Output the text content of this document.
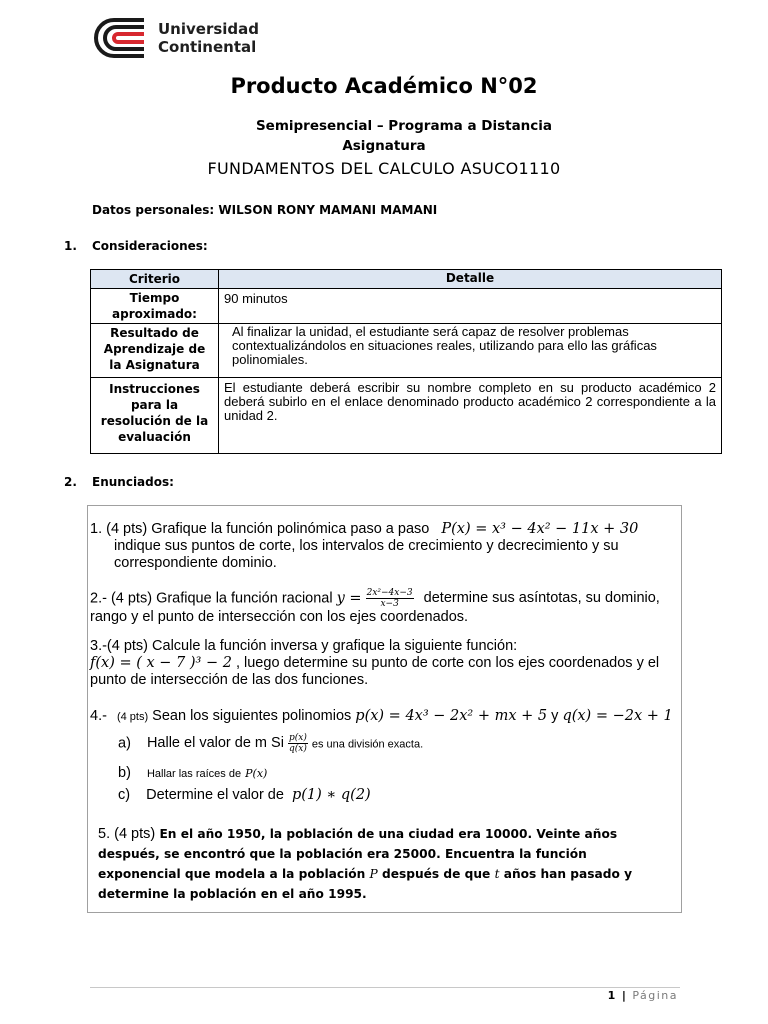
Universidad
Continental
Producto Académico N°02
Semipresencial – Programa a Distancia
Asignatura
FUNDAMENTOS DEL CALCULO ASUCO1110
Datos personales: WILSON RONY MAMANI MAMANI
1. Consideraciones:
Criterio	Detalle
Tiempo aproximado:	90 minutos
Resultado de Aprendizaje de la Asignatura	Al finalizar la unidad, el estudiante será capaz de resolver problemas contextualizándolos en situaciones reales, utilizando para ello las gráficas polinomiales.
Instrucciones para la resolución de la evaluación	El estudiante deberá escribir su nombre completo en su producto académico 2 deberá subirlo en el enlace denominado producto académico 2 correspondiente a la unidad 2.
2. Enunciados:
1. (4 pts) Grafique la función polinómica paso a paso P(x) = x³ − 4x² − 11x + 30
indique sus puntos de corte, los intervalos de crecimiento y decrecimiento y su
correspondiente dominio.
2.- (4 pts) Grafique la función racional $y = \frac{\text{2x²−4x−3}}{x-3}$ determine sus asíntotas, su dominio,
rango y el punto de intersección con los ejes coordenados.
3.-(4 pts) Calcule la función inversa y grafique la siguiente función:
f(x) = ( x − 7 )³ − 2 , luego determine su punto de corte con los ejes coordenados y el
punto de intersección de las dos funciones.
4.- (4 pts) Sean los siguientes polinomios p(x) = 4x³ − 2x² + mx + 5 y q(x) = −2x + 1
a) Halle el valor de m Si $\frac{p(x)}{q(x)}$ es una división exacta.
b) Hallar las raíces de P(x)
c) Determine el valor de p(1) ∗ q(2)
5. (4 pts) En el año 1950, la población de una ciudad era 10000. Veinte años después, se encontró que la población era 25000. Encuentra la función exponencial que modela a la población P después de que t años han pasado y determine la población en el año 1995.
1 | Página
